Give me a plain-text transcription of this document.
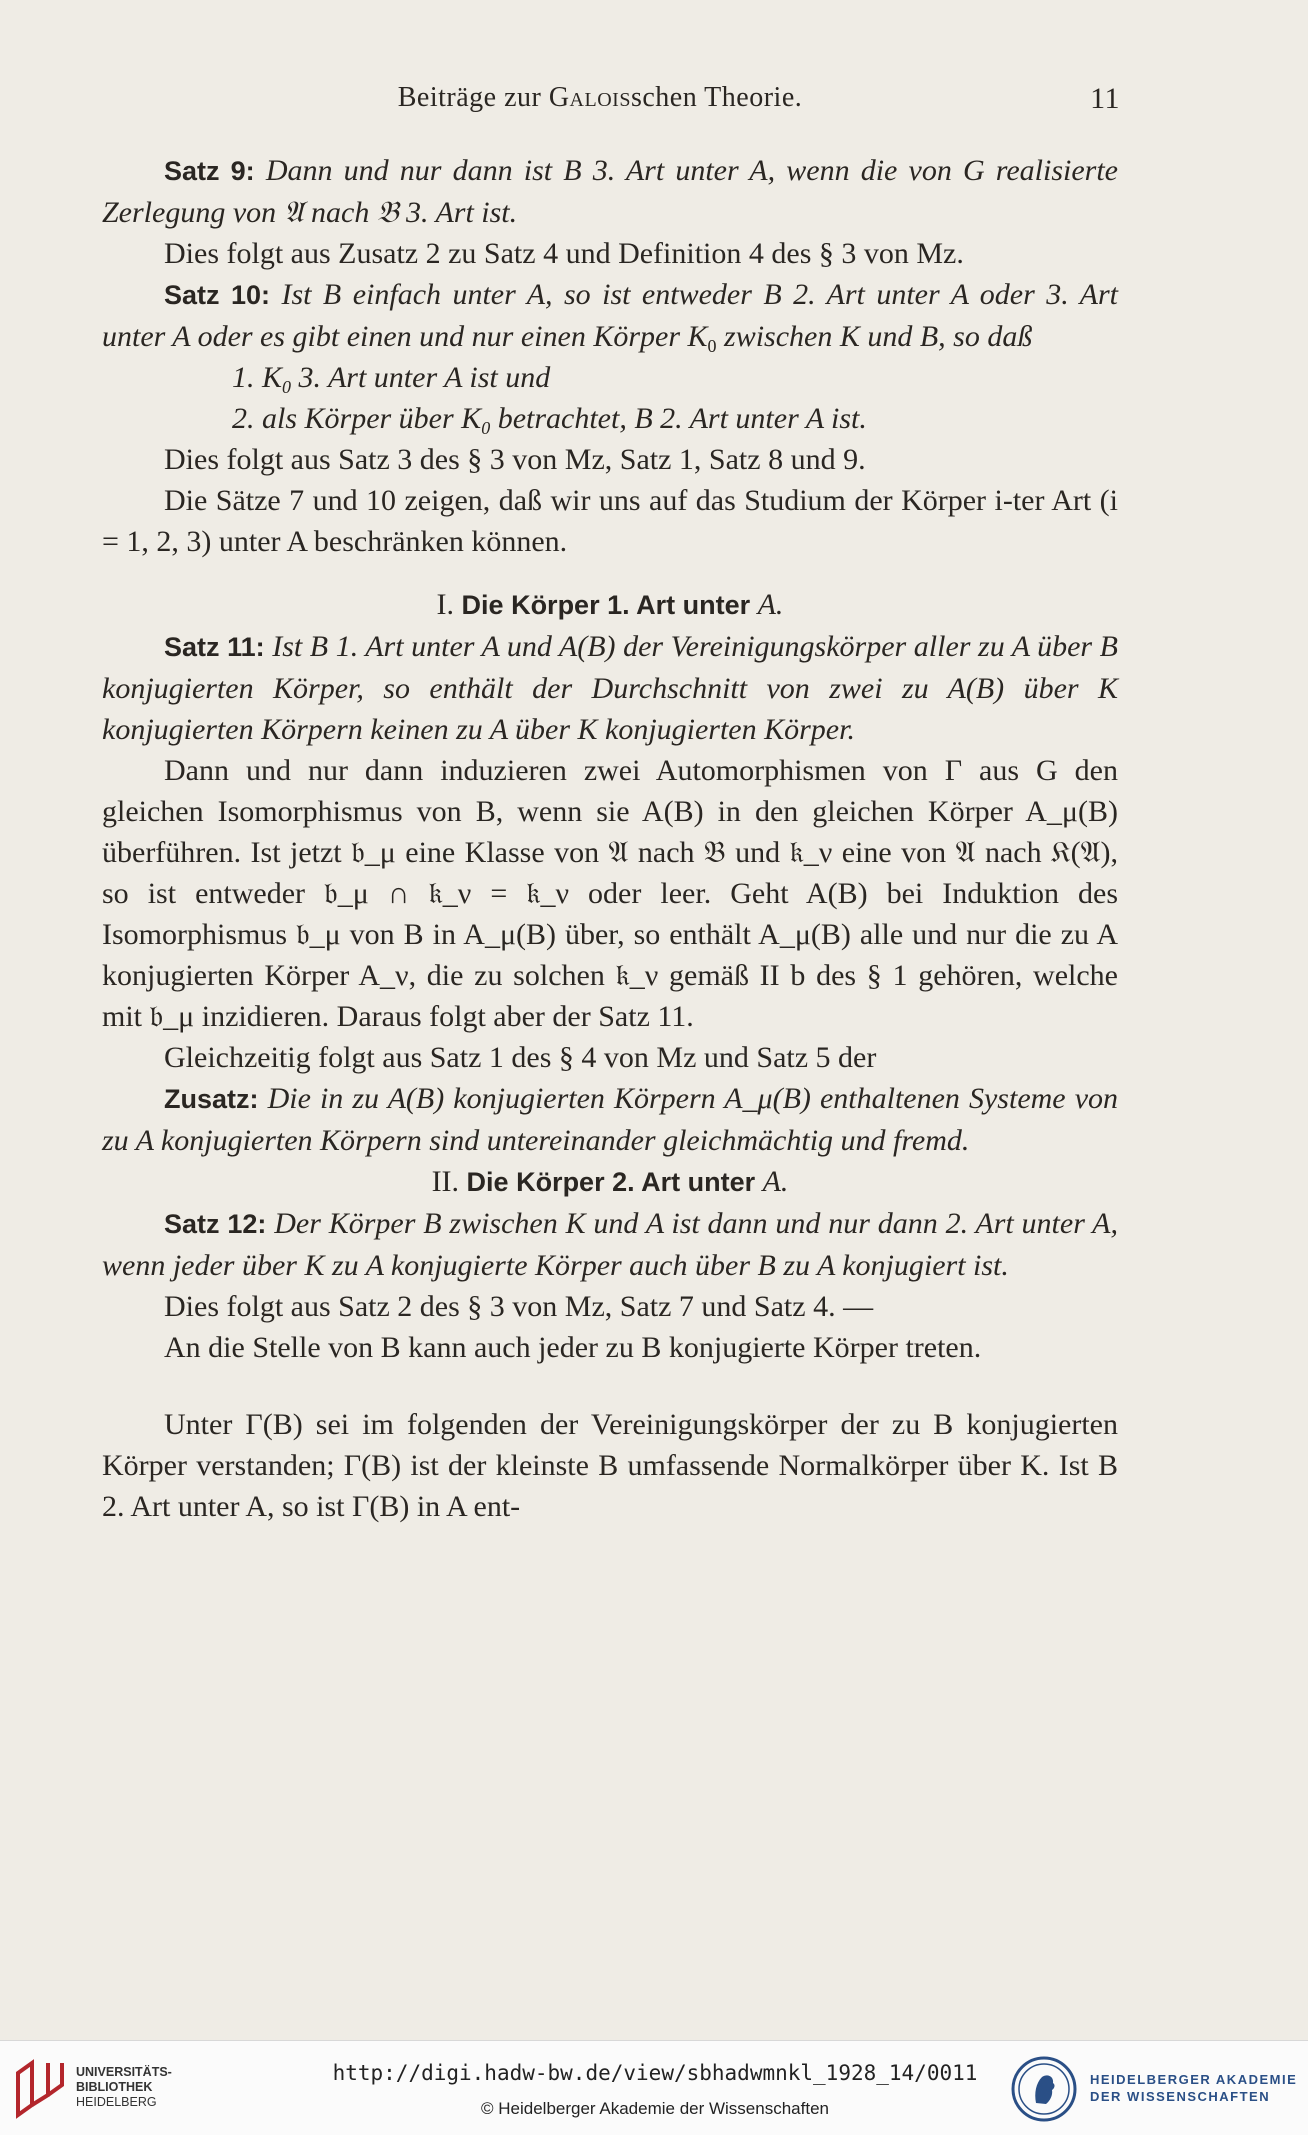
Beiträge zur Galoisschen Theorie.	11

Satz 9: Dann und nur dann ist B 3. Art unter A, wenn die von G realisierte Zerlegung von 𝔄 nach 𝔅 3. Art ist.

Dies folgt aus Zusatz 2 zu Satz 4 und Definition 4 des § 3 von Mz.

Satz 10: Ist B einfach unter A, so ist entweder B 2. Art unter A oder 3. Art unter A oder es gibt einen und nur einen Körper $K_0$ zwischen K und B, so daß

1. $K_0$ 3. Art unter A ist und
2. als Körper über $K_0$ betrachtet, B 2. Art unter A ist.

Dies folgt aus Satz 3 des § 3 von Mz, Satz 1, Satz 8 und 9.

Die Sätze 7 und 10 zeigen, daß wir uns auf das Studium der Körper i-ter Art (i = 1, 2, 3) unter A beschränken können.

I. Die Körper 1. Art unter A.

Satz 11: Ist B 1. Art unter A und A(B) der Vereinigungskörper aller zu A über B konjugierten Körper, so enthält der Durchschnitt von zwei zu A(B) über K konjugierten Körpern keinen zu A über K konjugierten Körper.

Dann und nur dann induzieren zwei Automorphismen von Γ aus G den gleichen Isomorphismus von B, wenn sie A(B) in den gleichen Körper A_μ(B) überführen. Ist jetzt 𝔟_μ eine Klasse von 𝔄 nach 𝔅 und 𝔨_ν eine von 𝔄 nach 𝔎(𝔄), so ist entweder 𝔟_μ ∩ 𝔨_ν = 𝔨_ν oder leer. Geht A(B) bei Induktion des Isomorphismus 𝔟_μ von B in A_μ(B) über, so enthält A_μ(B) alle und nur die zu A konjugierten Körper A_ν, die zu solchen 𝔨_ν gemäß II b des § 1 gehören, welche mit 𝔟_μ inzidieren. Daraus folgt aber der Satz 11.

Gleichzeitig folgt aus Satz 1 des § 4 von Mz und Satz 5 der

Zusatz: Die in zu A(B) konjugierten Körpern A_μ(B) enthaltenen Systeme von zu A konjugierten Körpern sind untereinander gleichmächtig und fremd.

II. Die Körper 2. Art unter A.

Satz 12: Der Körper B zwischen K und A ist dann und nur dann 2. Art unter A, wenn jeder über K zu A konjugierte Körper auch über B zu A konjugiert ist.

Dies folgt aus Satz 2 des § 3 von Mz, Satz 7 und Satz 4. —

An die Stelle von B kann auch jeder zu B konjugierte Körper treten.

Unter Γ(B) sei im folgenden der Vereinigungskörper der zu B konjugierten Körper verstanden; Γ(B) ist der kleinste B umfassende Normalkörper über K. Ist B 2. Art unter A, so ist Γ(B) in A ent-

UNIVERSITÄTS-
BIBLIOTHEK
HEIDELBERG
http://digi.hadw-bw.de/view/sbhadwmnkl_1928_14/0011
© Heidelberger Akademie der Wissenschaften
HEIDELBERGER AKADEMIE
DER WISSENSCHAFTEN
